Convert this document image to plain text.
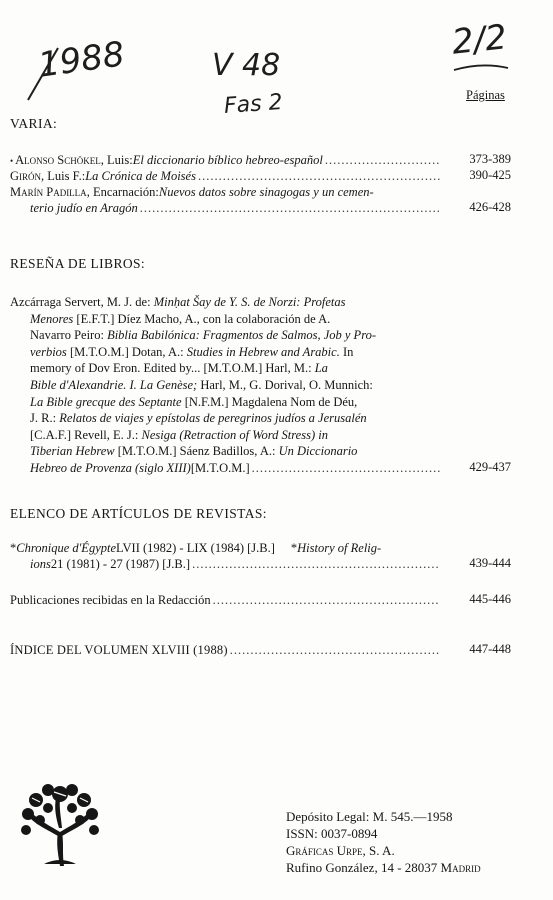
1988	V 48
Fas 2
2/2
Páginas
VARIA:
• Alonso Schökel , Luis: El diccionario bíblico hebreo-español .....	373-389
Girón , Luis F.: La Crónica de Moisés .....	390-425
Marín Padilla , Encarnación: Nuevos datos sobre sinagogas y un cemen-
terio judío en Aragón .....	426-428
RESEÑA DE LIBROS:

Azcárraga Servert, M. J. de: Minḥat Šay de Y. S. de Norzi: Profetas

Menores [E.F.T.] Díez Macho, A., con la colaboración de A.

Navarro Peiro: Biblia Babilónica: Fragmentos de Salmos, Job y Pro-

verbios [M.T.O.M.] Dotan, A.: Studies in Hebrew and Arabic. In

memory of Dov Eron. Edited by... [M.T.O.M.] Harl, M.: La

Bible d'Alexandrie. I. La Genèse; Harl, M., G. Dorival, O. Munnich:

La Bible grecque des Septante [N.F.M.] Magdalena Nom de Déu,

J. R.: Relatos de viajes y epístolas de peregrinos judíos a Jerusalén

[C.A.F.] Revell, E. J.: Nesiga (Retraction of Word Stress) in

Tiberian Hebrew [M.T.O.M.] Sáenz Badillos, A.: Un Diccionario

Hebreo de Provenza (siglo XIII) [M.T.O.M.] .....	429-437
ELENCO DE ARTÍCULOS DE REVISTAS:
* Chronique d'Égypte LVII (1982) - LIX (1984) [J.B.] * History of Relig-
ions 21 (1981) - 27 (1987) [J.B.] .....	439-444
Publicaciones recibidas en la Redacción .....	445-446
ÍNDICE DEL VOLUMEN XLVIII (1988) .....	447-448
Depósito Legal: M. 545.—1958
ISSN: 0037-0894
Gráficas Urpe, S. A.
Rufino González, 14 - 28037 Madrid
